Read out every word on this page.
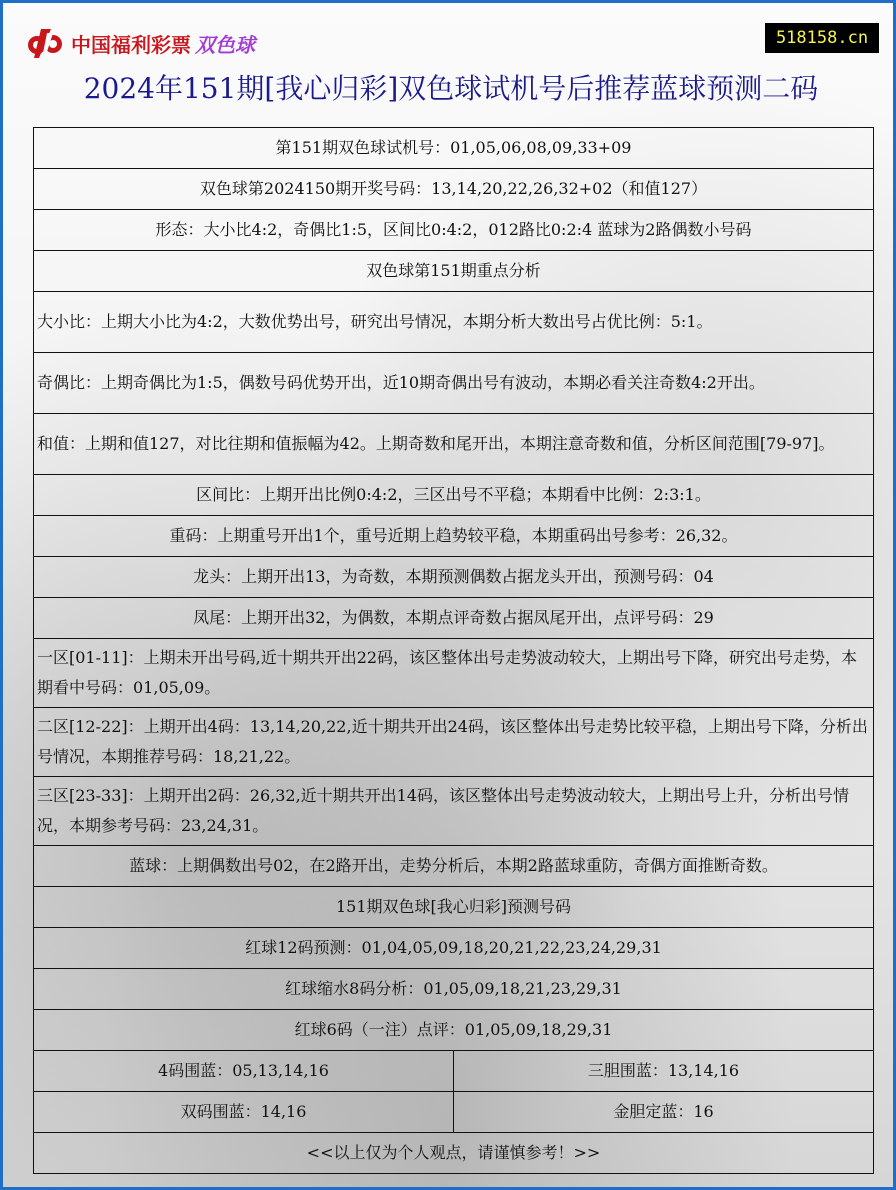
中国福利彩票 双色球	518158.cn
2024年151期[我心归彩]双色球试机号后推荐蓝球预测二码
第151期双色球试机号：01,05,06,08,09,33+09	
双色球第2024150期开奖号码：13,14,20,22,26,32+02（和值127）	
形态：大小比4:2，奇偶比1:5，区间比0:4:2，012路比0:2:4 蓝球为2路偶数小号码	
双色球第151期重点分析	
大小比：上期大小比为4:2，大数优势出号，研究出号情况，本期分析大数出号占优比例：5:1。	
奇偶比：上期奇偶比为1:5，偶数号码优势开出，近10期奇偶出号有波动，本期必看关注奇数4:2开出。	
和值：上期和值127，对比往期和值振幅为42。上期奇数和尾开出，本期注意奇数和值，分析区间范围[79-97]。	
区间比：上期开出比例0:4:2，三区出号不平稳；本期看中比例：2:3:1。	
重码：上期重号开出1个，重号近期上趋势较平稳，本期重码出号参考：26,32。	
龙头：上期开出13，为奇数，本期预测偶数占据龙头开出，预测号码：04	
凤尾：上期开出32，为偶数，本期点评奇数占据凤尾开出，点评号码：29	
一区[01-11]：上期未开出号码,近十期共开出22码，该区整体出号走势波动较大，上期出号下降，研究出号走势，本期看中号码：01,05,09。	
二区[12-22]：上期开出4码：13,14,20,22,近十期共开出24码，该区整体出号走势比较平稳，上期出号下降，分析出号情况，本期推荐号码：18,21,22。	
三区[23-33]：上期开出2码：26,32,近十期共开出14码，该区整体出号走势波动较大，上期出号上升，分析出号情况，本期参考号码：23,24,31。	
蓝球：上期偶数出号02，在2路开出，走势分析后，本期2路蓝球重防，奇偶方面推断奇数。	
151期双色球[我心归彩]预测号码	
红球12码预测：01,04,05,09,18,20,21,22,23,24,29,31	
红球缩水8码分析：01,05,09,18,21,23,29,31	
红球6码（一注）点评：01,05,09,18,29,31	
4码围蓝：05,13,14,16	三胆围蓝：13,14,16
双码围蓝：14,16	金胆定蓝：16
<<以上仅为个人观点，请谨慎参考！>>	
